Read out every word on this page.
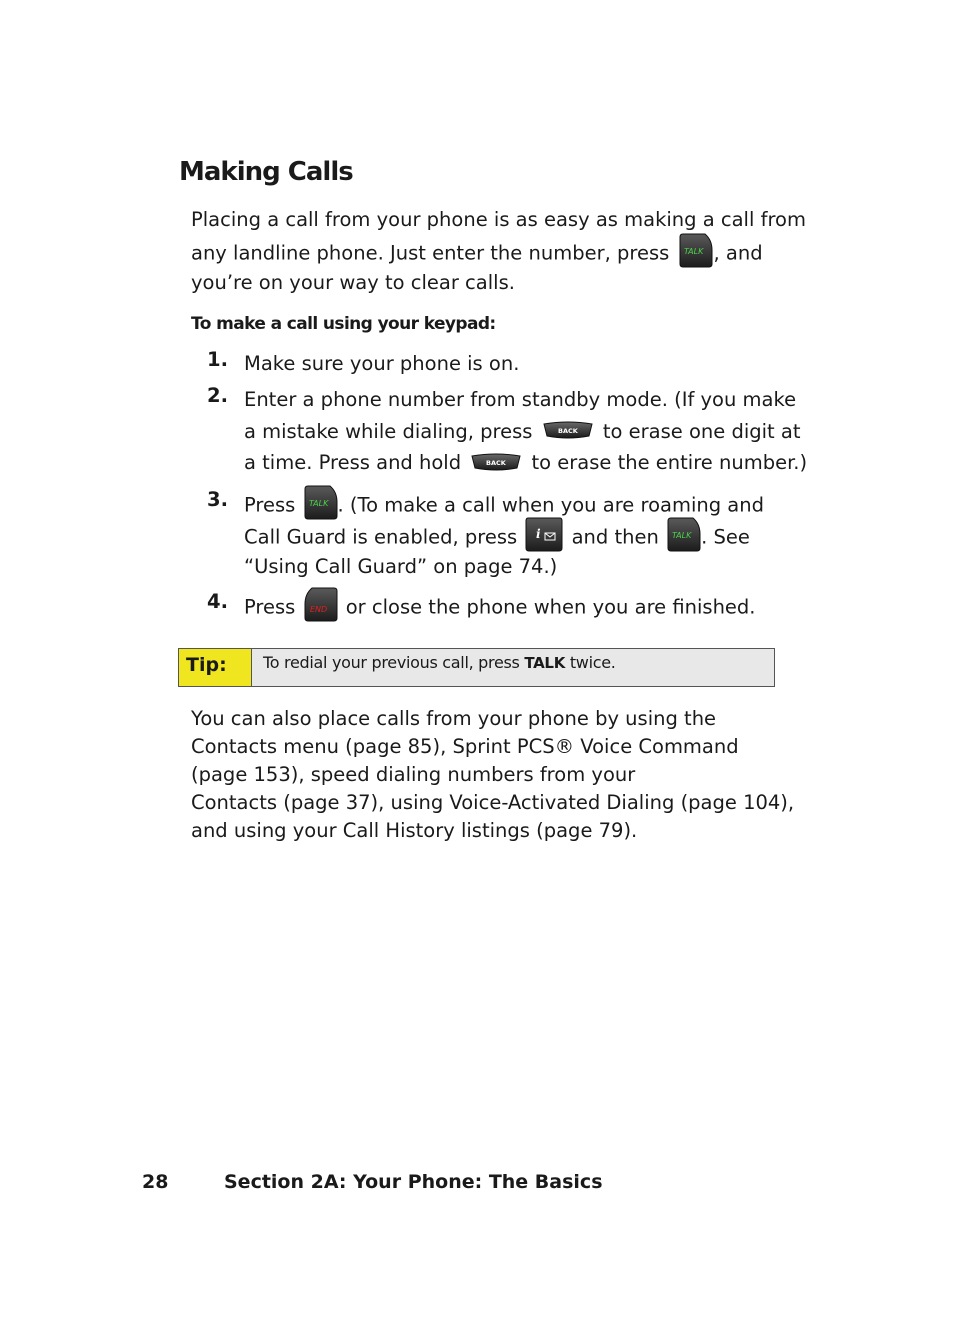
Making Calls
Placing a call from your phone is as easy as making a call from
any landline phone. Just enter the number, press TALK , and
you’re on your way to clear calls.
To make a call using your keypad:
1. Make sure your phone is on.
2. Enter a phone number from standby mode. (If you make
a mistake while dialing, press	BACK to erase one digit at
a time. Press and hold	BACK to erase the entire number.)
3. Press TALK . (To make a call when you are roaming and
Call Guard is enabled, press i and then TALK . See
“Using Call Guard” on page 74.)
4. Press END or close the phone when you are finished.
Tip: To redial your previous call, press TALK twice.
You can also place calls from your phone by using the
Contacts menu (page 85), Sprint PCS® Voice Command
(page 153), speed dialing numbers from your
Contacts (page 37), using Voice-Activated Dialing (page 104),
and using your Call History listings (page 79).
28	Section 2A: Your Phone: The Basics
